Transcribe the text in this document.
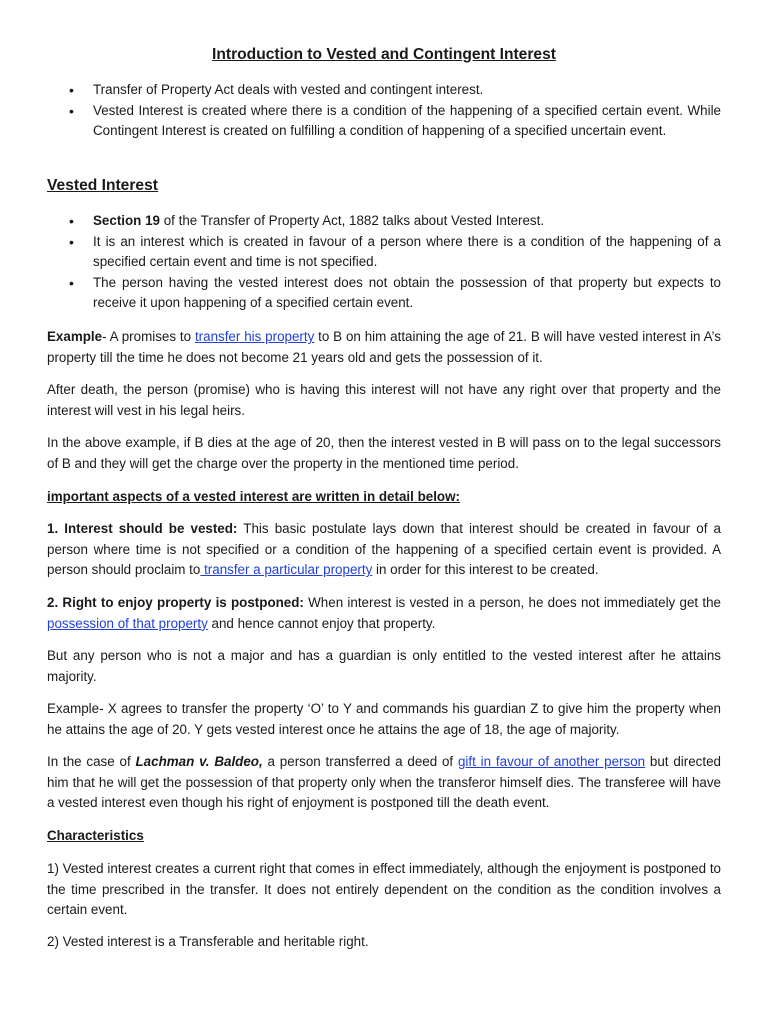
Introduction to Vested and Contingent Interest
• Transfer of Property Act deals with vested and contingent interest.
• Vested Interest is created where there is a condition of the happening of a specified certain event. While Contingent Interest is created on fulfilling a condition of happening of a specified uncertain event.
Vested Interest
• Section 19 of the Transfer of Property Act, 1882 talks about Vested Interest.
• It is an interest which is created in favour of a person where there is a condition of the happening of a specified certain event and time is not specified.
• The person having the vested interest does not obtain the possession of that property but expects to receive it upon happening of a specified certain event.

Example- A promises to transfer his property to B on him attaining the age of 21. B will have vested interest in A’s property till the time he does not become 21 years old and gets the possession of it.

After death, the person (promise) who is having this interest will not have any right over that property and the interest will vest in his legal heirs.

In the above example, if B dies at the age of 20, then the interest vested in B will pass on to the legal successors of B and they will get the charge over the property in the mentioned time period.

important aspects of a vested interest are written in detail below:

1. Interest should be vested: This basic postulate lays down that interest should be created in favour of a person where time is not specified or a condition of the happening of a specified certain event is provided. A person should proclaim to transfer a particular property in order for this interest to be created.

2. Right to enjoy property is postponed: When interest is vested in a person, he does not immediately get the possession of that property and hence cannot enjoy that property.

But any person who is not a major and has a guardian is only entitled to the vested interest after he attains majority.

Example- X agrees to transfer the property ‘O’ to Y and commands his guardian Z to give him the property when he attains the age of 20. Y gets vested interest once he attains the age of 18, the age of majority.

In the case of Lachman v. Baldeo, a person transferred a deed of gift in favour of another person but directed him that he will get the possession of that property only when the transferor himself dies. The transferee will have a vested interest even though his right of enjoyment is postponed till the death event.

Characteristics

1) Vested interest creates a current right that comes in effect immediately, although the enjoyment is postponed to the time prescribed in the transfer. It does not entirely dependent on the condition as the condition involves a certain event.

2) Vested interest is a Transferable and heritable right.
